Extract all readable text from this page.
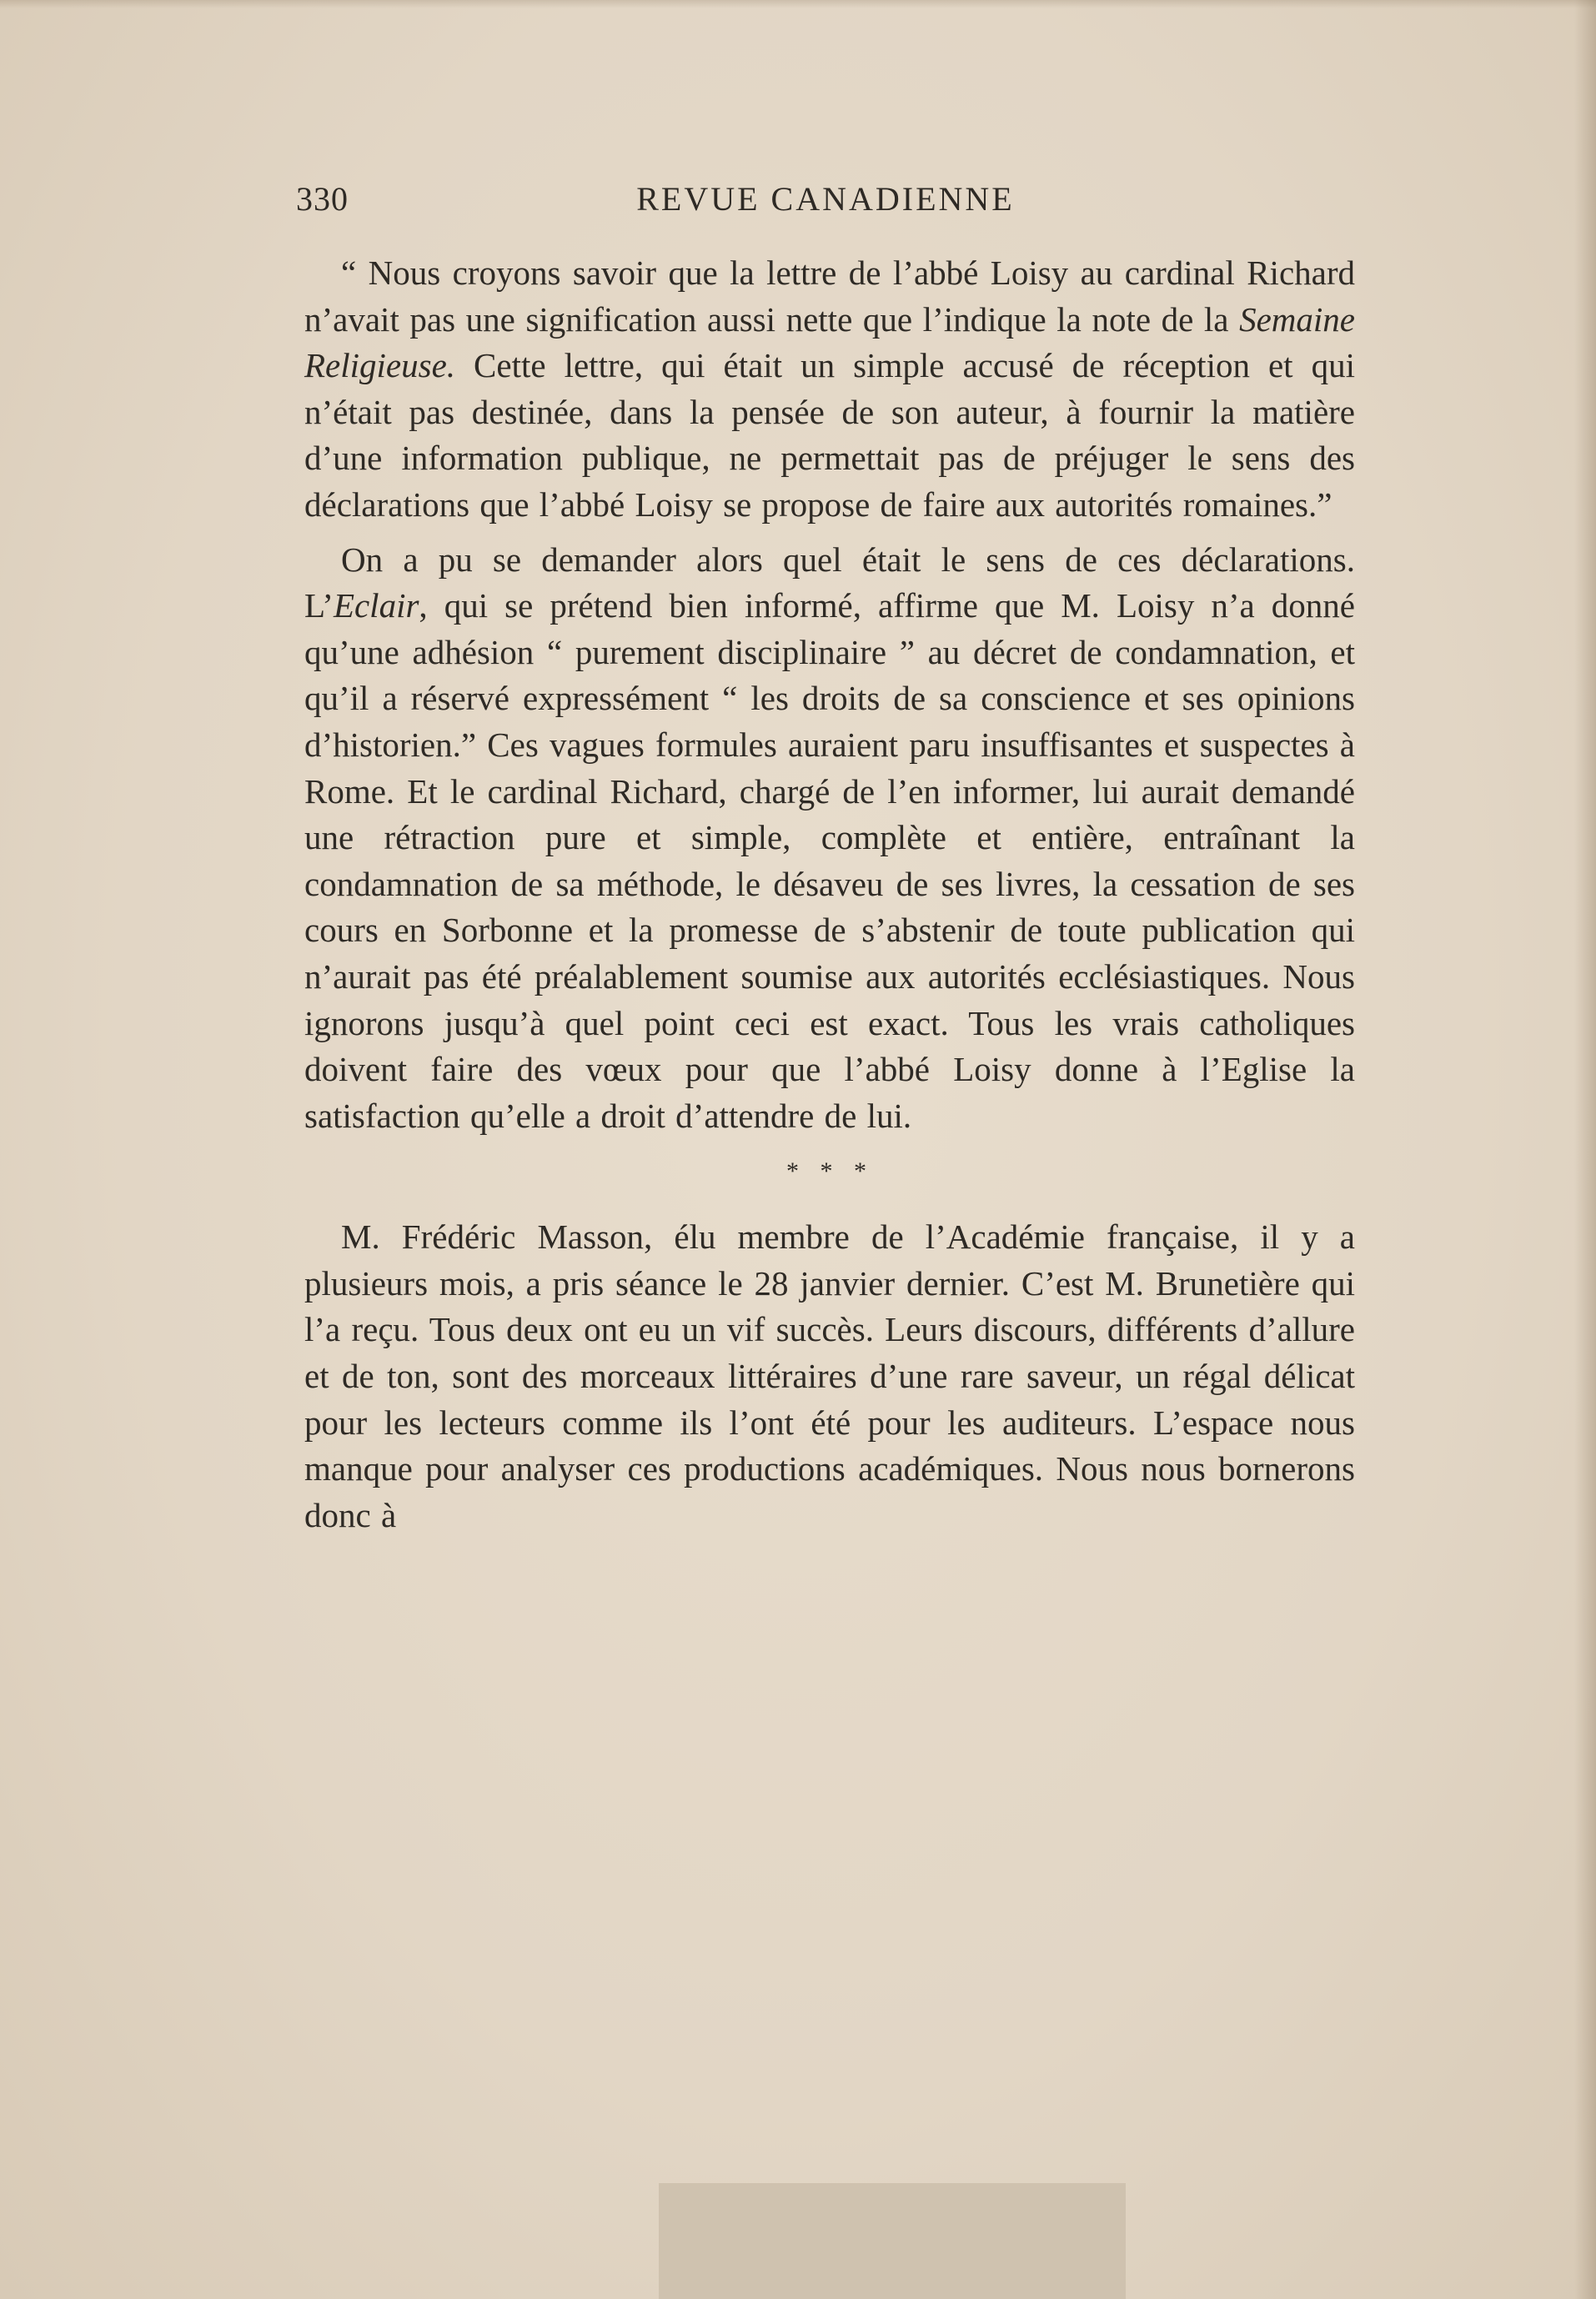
330	REVUE CANADIENNE

“ Nous croyons savoir que la lettre de l’abbé Loisy au cardinal Richard n’avait pas une signification aussi nette que l’indique la note de la Semaine Religieuse. Cette lettre, qui était un simple accusé de réception et qui n’était pas destinée, dans la pensée de son auteur, à fournir la matière d’une information publique, ne permettait pas de préjuger le sens des déclarations que l’abbé Loisy se propose de faire aux autorités romaines.”

On a pu se demander alors quel était le sens de ces déclarations. L’Eclair, qui se prétend bien informé, affirme que M. Loisy n’a donné qu’une adhésion “ purement disciplinaire ” au décret de condamnation, et qu’il a réservé expressément “ les droits de sa conscience et ses opinions d’historien.” Ces vagues formules auraient paru insuffisantes et suspectes à Rome. Et le cardinal Richard, chargé de l’en informer, lui aurait demandé une rétraction pure et simple, complète et entière, entraînant la condamnation de sa méthode, le désaveu de ses livres, la cessation de ses cours en Sorbonne et la promesse de s’abstenir de toute publication qui n’aurait pas été préalablement soumise aux autorités ecclésiastiques. Nous ignorons jusqu’à quel point ceci est exact. Tous les vrais catholiques doivent faire des vœux pour que l’abbé Loisy donne à l’Eglise la satisfaction qu’elle a droit d’attendre de lui.

* * *

M. Frédéric Masson, élu membre de l’Académie française, il y a plusieurs mois, a pris séance le 28 janvier dernier. C’est M. Brunetière qui l’a reçu. Tous deux ont eu un vif succès. Leurs discours, différents d’allure et de ton, sont des morceaux littéraires d’une rare saveur, un régal délicat pour les lecteurs comme ils l’ont été pour les auditeurs. L’espace nous manque pour analyser ces productions académiques. Nous nous bornerons donc à
